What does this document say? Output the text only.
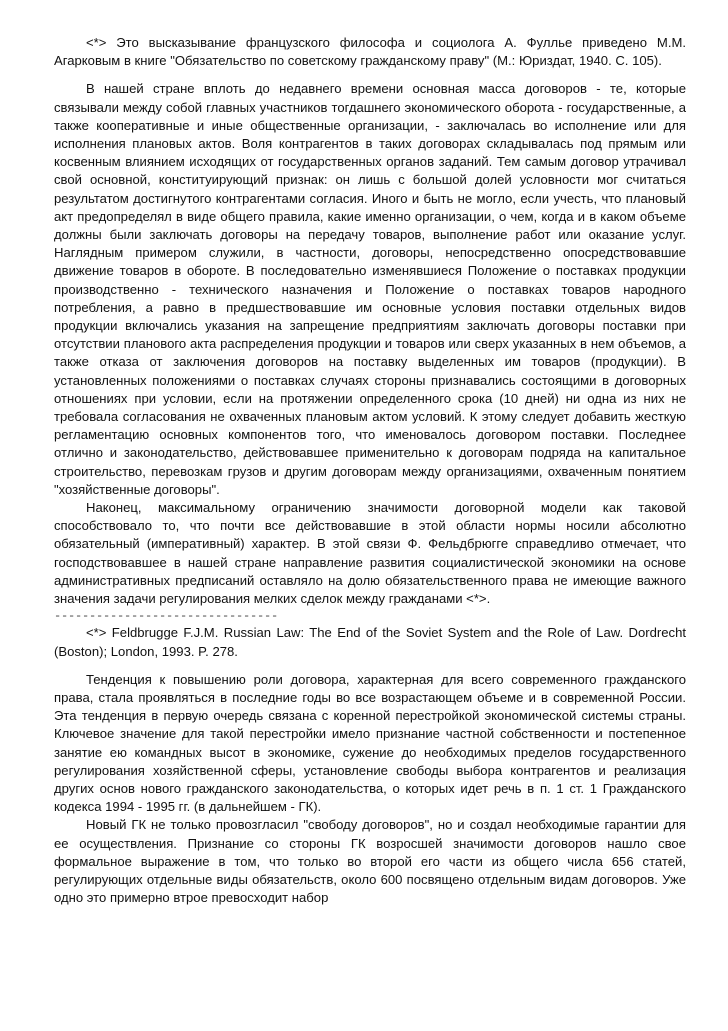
<*> Это высказывание французского философа и социолога А. Фуллье приведено М.М. Агарковым в книге "Обязательство по советскому гражданскому праву" (М.: Юриздат, 1940. С. 105).

В нашей стране вплоть до недавнего времени основная масса договоров - те, которые связывали между собой главных участников тогдашнего экономического оборота - государственные, а также кооперативные и иные общественные организации, - заключалась во исполнение или для исполнения плановых актов. Воля контрагентов в таких договорах складывалась под прямым или косвенным влиянием исходящих от государственных органов заданий. Тем самым договор утрачивал свой основной, конституирующий признак: он лишь с большой долей условности мог считаться результатом достигнутого контрагентами согласия. Иного и быть не могло, если учесть, что плановый акт предопределял в виде общего правила, какие именно организации, о чем, когда и в каком объеме должны были заключать договоры на передачу товаров, выполнение работ или оказание услуг. Наглядным примером служили, в частности, договоры, непосредственно опосредствовавшие движение товаров в обороте. В последовательно изменявшиеся Положение о поставках продукции производственно - технического назначения и Положение о поставках товаров народного потребления, а равно в предшествовавшие им основные условия поставки отдельных видов продукции включались указания на запрещение предприятиям заключать договоры поставки при отсутствии планового акта распределения продукции и товаров или сверх указанных в нем объемов, а также отказа от заключения договоров на поставку выделенных им товаров (продукции). В установленных положениями о поставках случаях стороны признавались состоящими в договорных отношениях при условии, если на протяжении определенного срока (10 дней) ни одна из них не требовала согласования не охваченных плановым актом условий. К этому следует добавить жесткую регламентацию основных компонентов того, что именовалось договором поставки. Последнее отлично и законодательство, действовавшее применительно к договорам подряда на капитальное строительство, перевозкам грузов и другим договорам между организациями, охваченным понятием "хозяйственные договоры".

Наконец, максимальному ограничению значимости договорной модели как таковой способствовало то, что почти все действовавшие в этой области нормы носили абсолютно обязательный (императивный) характер. В этой связи Ф. Фельдбрюгге справедливо отмечает, что господствовавшее в нашей стране направление развития социалистической экономики на основе административных предписаний оставляло на долю обязательственного права не имеющие важного значения задачи регулирования мелких сделок между гражданами <*>.

--------------------------------

<*> Feldbrugge F.J.M. Russian Law: The End of the Soviet System and the Role of Law. Dordrecht (Boston); London, 1993. P. 278.

Тенденция к повышению роли договора, характерная для всего современного гражданского права, стала проявляться в последние годы во все возрастающем объеме и в современной России. Эта тенденция в первую очередь связана с коренной перестройкой экономической системы страны. Ключевое значение для такой перестройки имело признание частной собственности и постепенное занятие ею командных высот в экономике, сужение до необходимых пределов государственного регулирования хозяйственной сферы, установление свободы выбора контрагентов и реализация других основ нового гражданского законодательства, о которых идет речь в п. 1 ст. 1 Гражданского кодекса 1994 - 1995 гг. (в дальнейшем - ГК).

Новый ГК не только провозгласил "свободу договоров", но и создал необходимые гарантии для ее осуществления. Признание со стороны ГК возросшей значимости договоров нашло свое формальное выражение в том, что только во второй его части из общего числа 656 статей, регулирующих отдельные виды обязательств, около 600 посвящено отдельным видам договоров. Уже одно это примерно втрое превосходит набор
